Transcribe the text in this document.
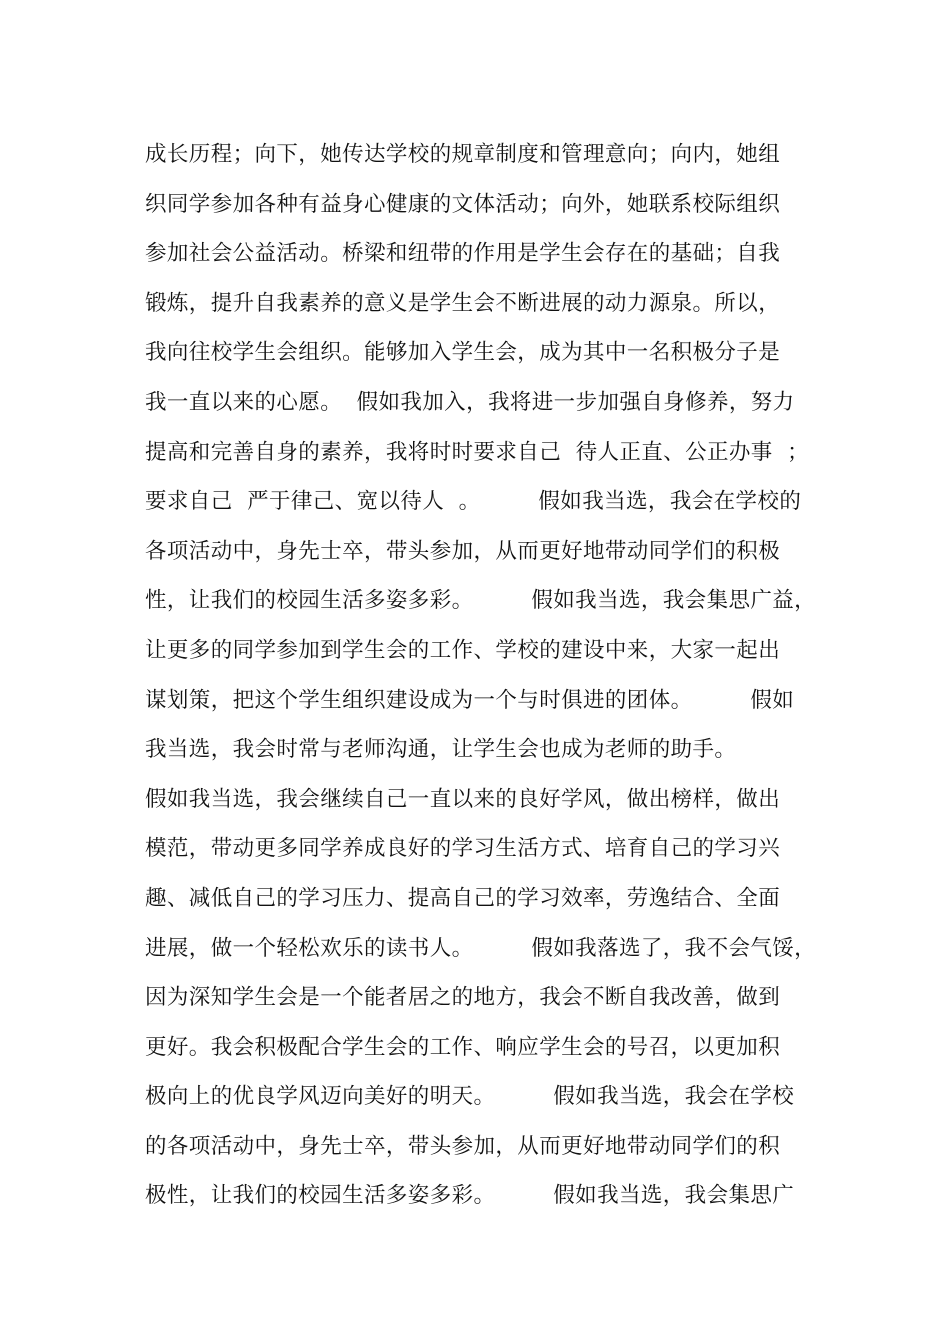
成长历程；向下，她传达学校的规章制度和管理意向；向内，她组
织同学参加各种有益身心健康的文体活动；向外，她联系校际组织
参加社会公益活动。桥梁和纽带的作用是学生会存在的基础；自我
锻炼，提升自我素养的意义是学生会不断进展的动力源泉。所以，
我向往校学生会组织。能够加入学生会，成为其中一名积极分子是
我一直以来的心愿。  假如我加入，我将进一步加强自身修养，努力
提高和完善自身的素养，我将时时要求自己  待人正直、公正办事  ；
要求自己  严于律己、宽以待人  。        假如我当选，我会在学校的
各项活动中，身先士卒，带头参加，从而更好地带动同学们的积极
性，让我们的校园生活多姿多彩。        假如我当选，我会集思广益，
让更多的同学参加到学生会的工作、学校的建设中来，大家一起出
谋划策，把这个学生组织建设成为一个与时俱进的团体。        假如
我当选，我会时常与老师沟通，让学生会也成为老师的助手。
假如我当选，我会继续自己一直以来的良好学风，做出榜样，做出
模范，带动更多同学养成良好的学习生活方式、培育自己的学习兴
趣、减低自己的学习压力、提高自己的学习效率，劳逸结合、全面
进展，做一个轻松欢乐的读书人。        假如我落选了，我不会气馁，
因为深知学生会是一个能者居之的地方，我会不断自我改善，做到
更好。我会积极配合学生会的工作、响应学生会的号召，以更加积
极向上的优良学风迈向美好的明天。        假如我当选，我会在学校
的各项活动中，身先士卒，带头参加，从而更好地带动同学们的积
极性，让我们的校园生活多姿多彩。        假如我当选，我会集思广
